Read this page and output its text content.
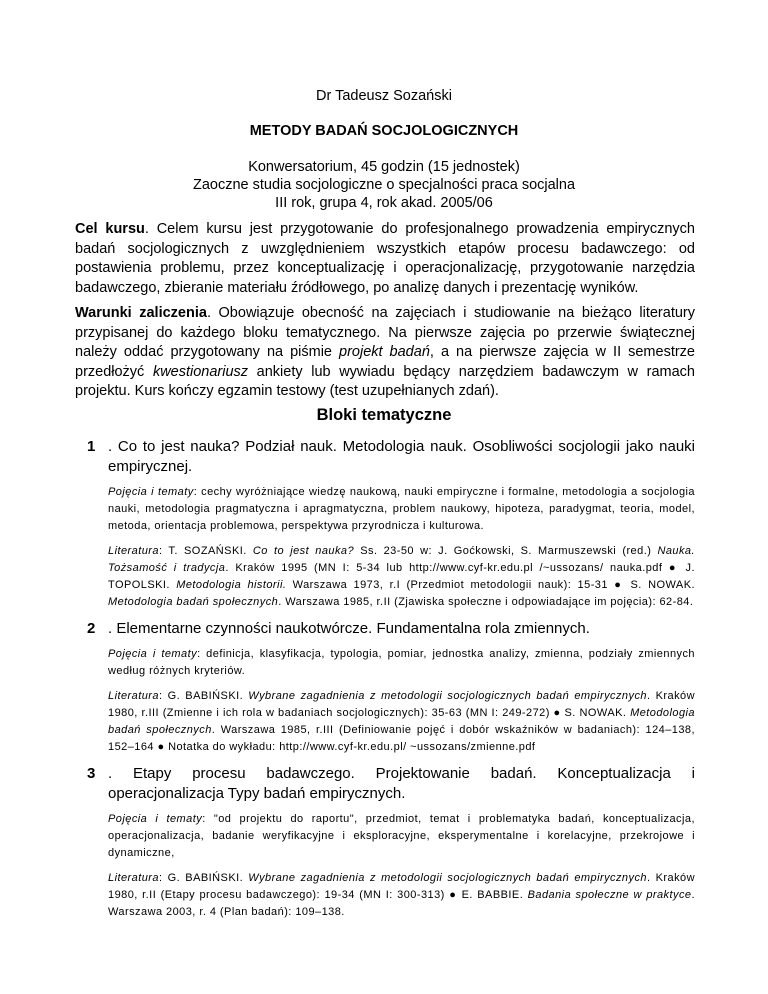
Dr Tadeusz Sozański
METODY BADAŃ SOCJOLOGICZNYCH
Konwersatorium, 45 godzin (15 jednostek)
Zaoczne studia socjologiczne o specjalności praca socjalna
III rok, grupa 4, rok akad. 2005/06
Cel kursu. Celem kursu jest przygotowanie do profesjonalnego prowadzenia empirycznych badań socjologicznych z uwzględnieniem wszystkich etapów procesu badawczego: od postawienia problemu, przez konceptualizację i operacjonalizację, przygotowanie narzędzia badawczego, zbieranie materiału źródłowego, po analizę danych i prezentację wyników.
Warunki zaliczenia. Obowiązuje obecność na zajęciach i studiowanie na bieżąco literatury przypisanej do każdego bloku tematycznego. Na pierwsze zajęcia po przerwie świątecznej należy oddać przygotowany na piśmie projekt badań, a na pierwsze zajęcia w II semestrze przedłożyć kwestionariusz ankiety lub wywiadu będący narzędziem badawczym w ramach projektu. Kurs kończy egzamin testowy (test uzupełnianych zdań).
Bloki tematyczne
1 . Co to jest nauka? Podział nauk. Metodologia nauk. Osobliwości socjologii jako nauki empirycznej.
Pojęcia i tematy: cechy wyróżniające wiedzę naukową, nauki empiryczne i formalne, metodologia a socjologia nauki, metodologia pragmatyczna i apragmatyczna, problem naukowy, hipoteza, paradygmat, teoria, model, metoda, orientacja problemowa, perspektywa przyrodnicza i kulturowa.
Literatura: T. SOZAŃSKI. Co to jest nauka? Ss. 23-50 w: J. Goćkowski, S. Marmuszewski (red.) Nauka. Tożsamość i tradycja. Kraków 1995 (MN I: 5-34 lub http://www.cyf-kr.edu.pl /~ussozans/ nauka.pdf ● J. TOPOLSKI. Metodologia historii. Warszawa 1973, r.I (Przedmiot metodologii nauk): 15-31 ● S. NOWAK. Metodologia badań społecznych. Warszawa 1985, r.II (Zjawiska społeczne i odpowiadające im pojęcia): 62-84.
2 . Elementarne czynności naukotwórcze. Fundamentalna rola zmiennych.
Pojęcia i tematy: definicja, klasyfikacja, typologia, pomiar, jednostka analizy, zmienna, podziały zmiennych według różnych kryteriów.
Literatura: G. BABIŃSKI. Wybrane zagadnienia z metodologii socjologicznych badań empirycznych. Kraków 1980, r.III (Zmienne i ich rola w badaniach socjologicznych): 35-63 (MN I: 249-272) ● S. NOWAK. Metodologia badań społecznych. Warszawa 1985, r.III (Definiowanie pojęć i dobór wskaźników w badaniach): 124–138, 152–164 ● Notatka do wykładu: http://www.cyf-kr.edu.pl/ ~ussozans/zmienne.pdf
3 . Etapy procesu badawczego. Projektowanie badań. Konceptualizacja i operacjonalizacja Typy badań empirycznych.
Pojęcia i tematy: "od projektu do raportu", przedmiot, temat i problematyka badań, konceptualizacja, operacjonalizacja, badanie weryfikacyjne i eksploracyjne, eksperymentalne i korelacyjne, przekrojowe i dynamiczne,
Literatura: G. BABIŃSKI. Wybrane zagadnienia z metodologii socjologicznych badań empirycznych. Kraków 1980, r.II (Etapy procesu badawczego): 19-34 (MN I: 300-313) ● E. BABBIE. Badania społeczne w praktyce. Warszawa 2003, r. 4 (Plan badań): 109–138.
